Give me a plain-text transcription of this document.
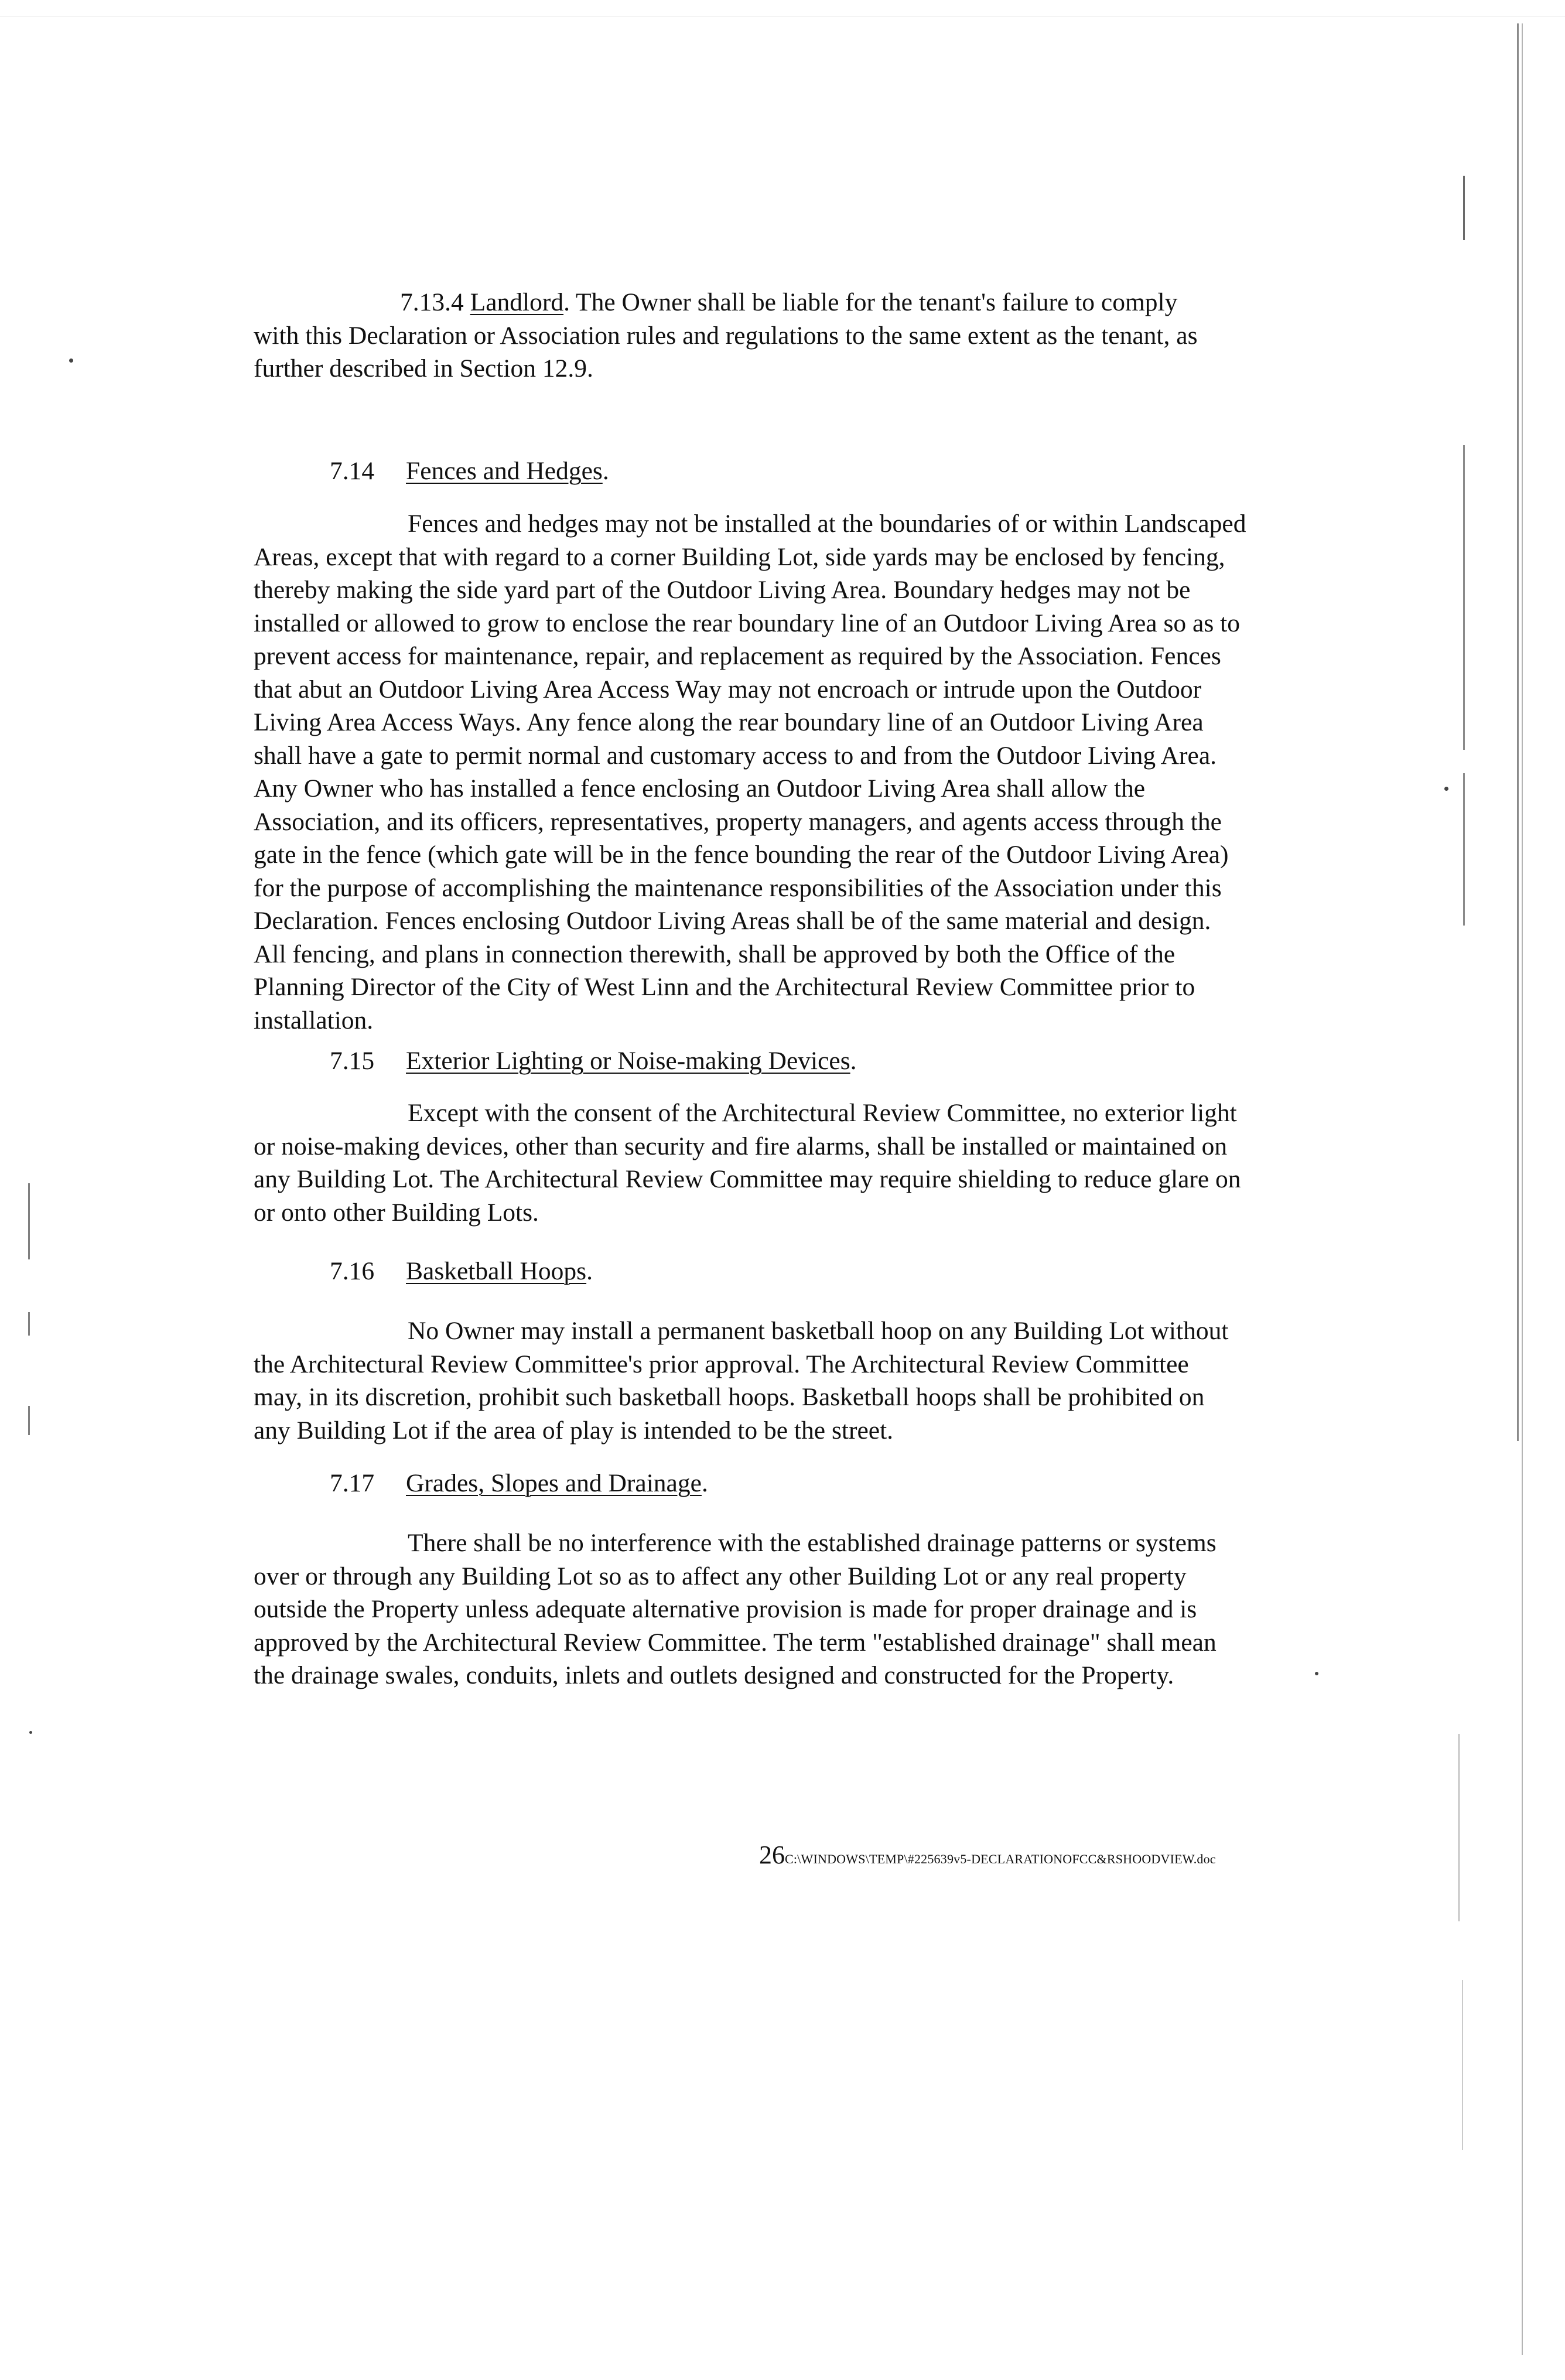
7.13.4 Landlord. The Owner shall be liable for the tenant's failure to comply

with this Declaration or Association rules and regulations to the same extent as the tenant, as
further described in Section 12.9.
7.14 Fences and Hedges.
Fences and hedges may not be installed at the boundaries of or within Landscaped
Areas, except that with regard to a corner Building Lot, side yards may be enclosed by fencing,
thereby making the side yard part of the Outdoor Living Area. Boundary hedges may not be
installed or allowed to grow to enclose the rear boundary line of an Outdoor Living Area so as to
prevent access for maintenance, repair, and replacement as required by the Association. Fences
that abut an Outdoor Living Area Access Way may not encroach or intrude upon the Outdoor
Living Area Access Ways. Any fence along the rear boundary line of an Outdoor Living Area
shall have a gate to permit normal and customary access to and from the Outdoor Living Area.
Any Owner who has installed a fence enclosing an Outdoor Living Area shall allow the
Association, and its officers, representatives, property managers, and agents access through the
gate in the fence (which gate will be in the fence bounding the rear of the Outdoor Living Area)
for the purpose of accomplishing the maintenance responsibilities of the Association under this
Declaration. Fences enclosing Outdoor Living Areas shall be of the same material and design.
All fencing, and plans in connection therewith, shall be approved by both the Office of the
Planning Director of the City of West Linn and the Architectural Review Committee prior to
installation.
7.15 Exterior Lighting or Noise-making Devices.
Except with the consent of the Architectural Review Committee, no exterior light
or noise-making devices, other than security and fire alarms, shall be installed or maintained on
any Building Lot. The Architectural Review Committee may require shielding to reduce glare on
or onto other Building Lots.
7.16 Basketball Hoops.
No Owner may install a permanent basketball hoop on any Building Lot without
the Architectural Review Committee's prior approval. The Architectural Review Committee
may, in its discretion, prohibit such basketball hoops. Basketball hoops shall be prohibited on
any Building Lot if the area of play is intended to be the street.
7.17 Grades, Slopes and Drainage.
There shall be no interference with the established drainage patterns or systems
over or through any Building Lot so as to affect any other Building Lot or any real property
outside the Property unless adequate alternative provision is made for proper drainage and is
approved by the Architectural Review Committee. The term "established drainage" shall mean
the drainage swales, conduits, inlets and outlets designed and constructed for the Property.
26C:\WINDOWS\TEMP\#225639v5-DECLARATIONOFCC&RSHOODVIEW.doc
